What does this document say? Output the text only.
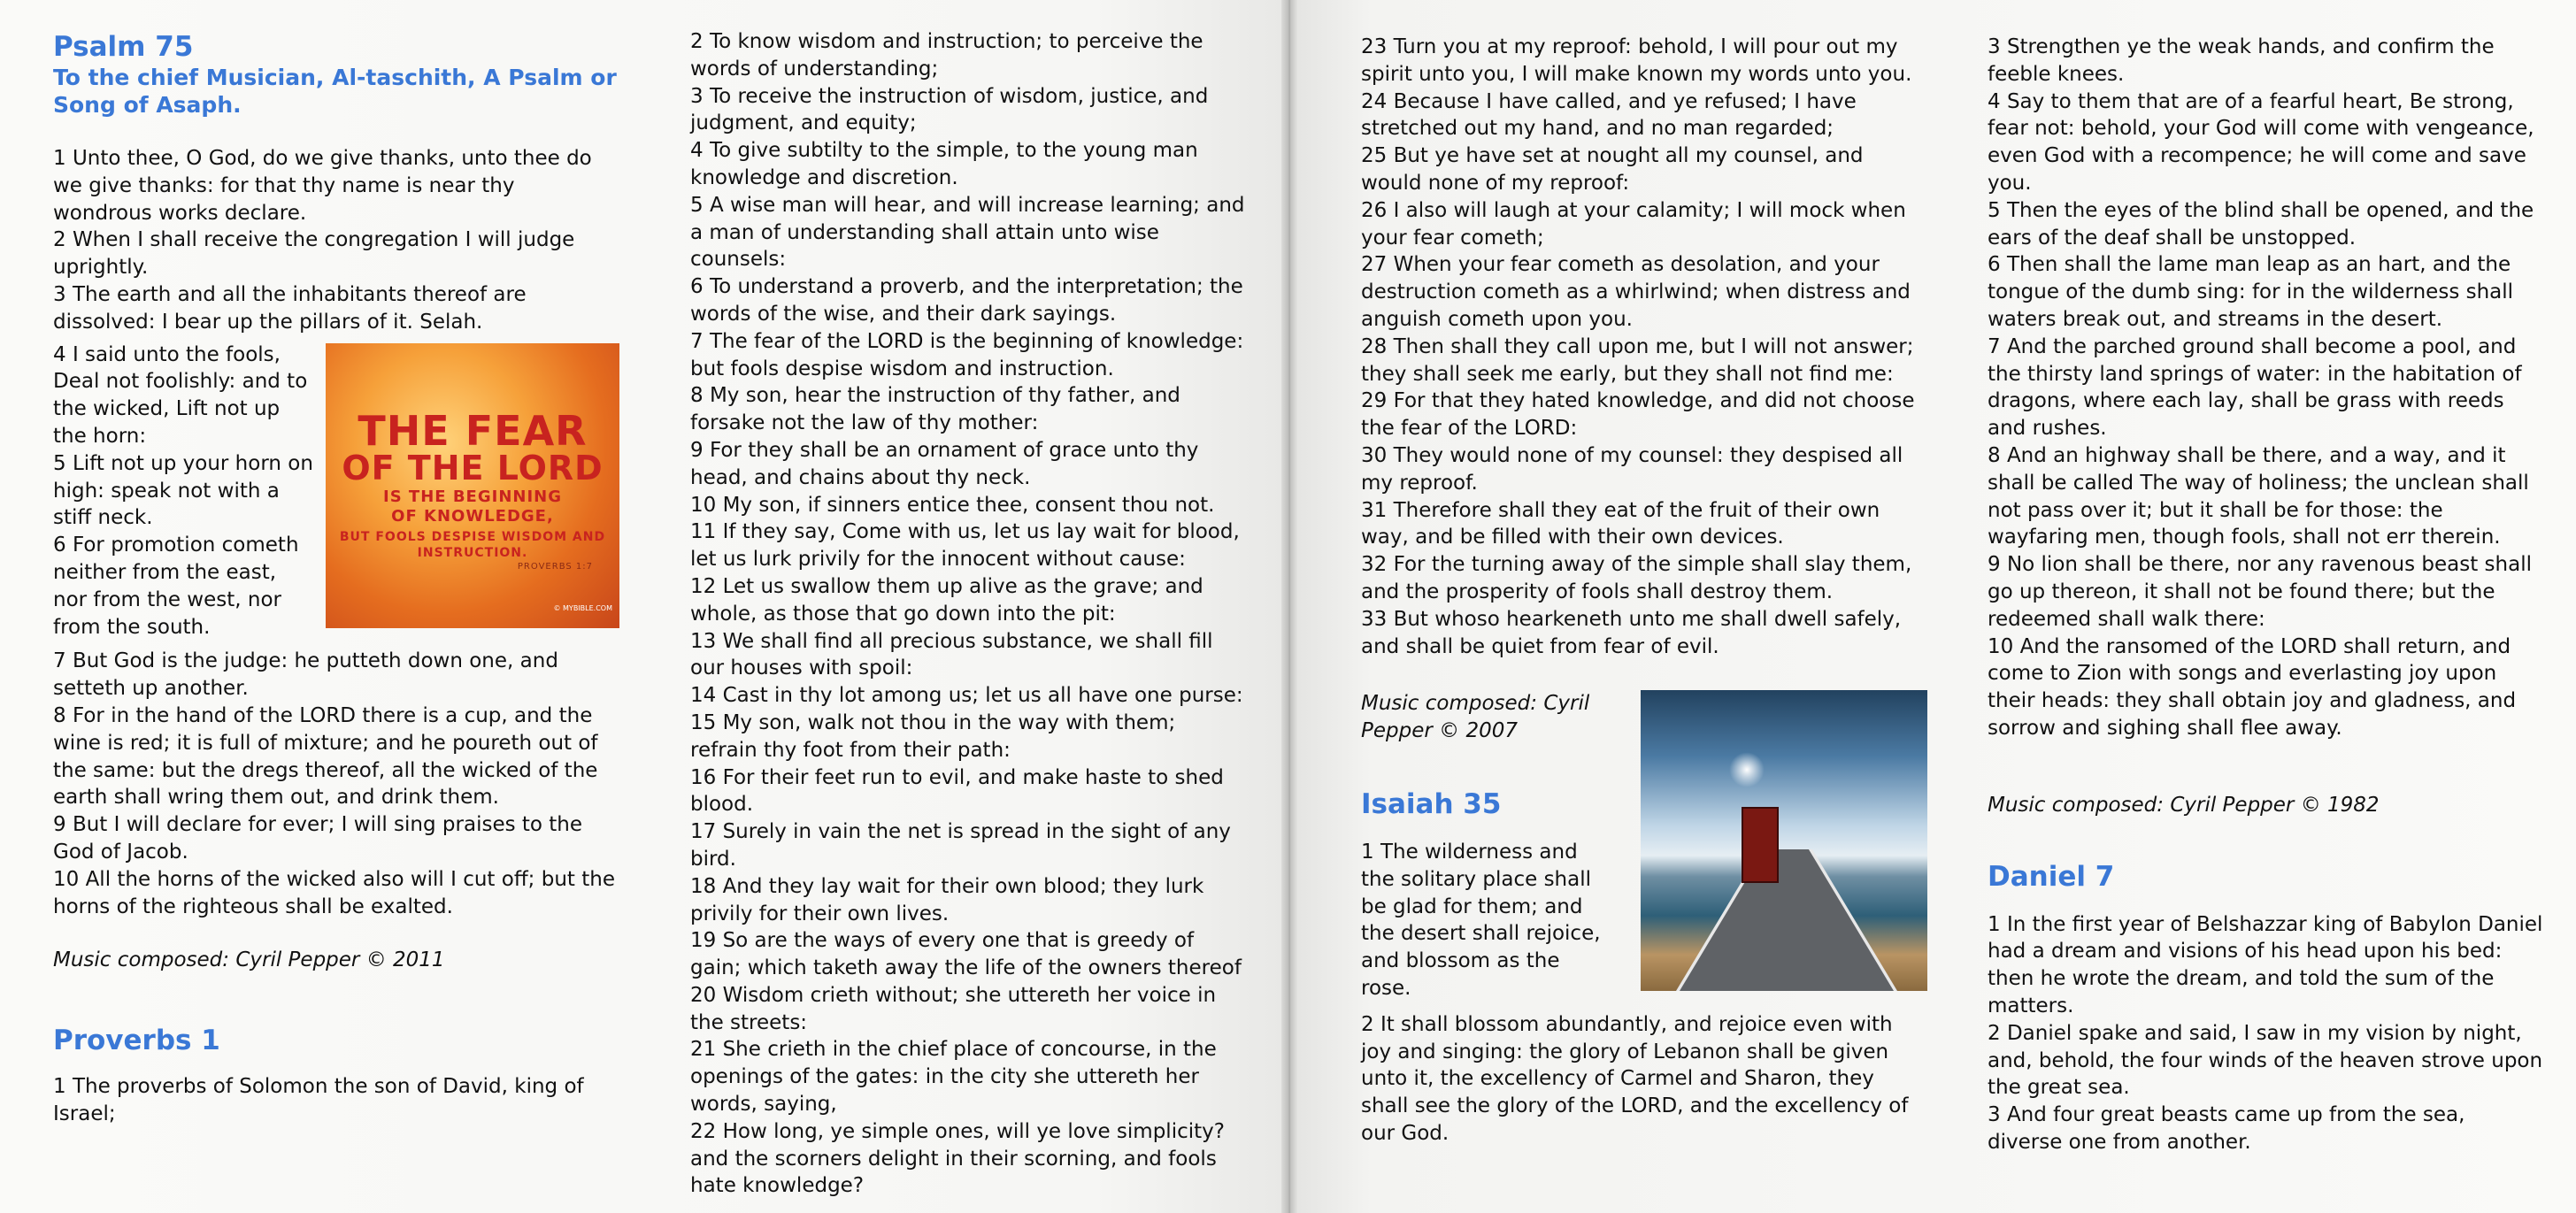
Psalm 75

To the chief Musician, Al-taschith, A Psalm or Song of Asaph.

1 Unto thee, O God, do we give thanks, unto thee do we give thanks: for that thy name is near thy wondrous works declare.

2 When I shall receive the congregation I will judge uprightly.

3 The earth and all the inhabitants thereof are dissolved: I bear up the pillars of it. Selah.

4 I said unto the fools, Deal not foolishly: and to the wicked, Lift not up the horn:

5 Lift not up your horn on high: speak not with a stiff neck.

6 For promotion cometh neither from the east, nor from the west, nor from the south.

THE FEAR
OF THE LORD
IS THE BEGINNING
OF KNOWLEDGE,
BUT FOOLS DESPISE WISDOM AND INSTRUCTION.
PROVERBS 1:7
© MYBIBLE.COM

7 But God is the judge: he putteth down one, and setteth up another.

8 For in the hand of the LORD there is a cup, and the wine is red; it is full of mixture; and he poureth out of the same: but the dregs thereof, all the wicked of the earth shall wring them out, and drink them.

9 But I will declare for ever; I will sing praises to the God of Jacob.

10 All the horns of the wicked also will I cut off; but the horns of the righteous shall be exalted.

Music composed: Cyril Pepper © 2011

Proverbs 1

1 The proverbs of Solomon the son of David, king of Israel;

2 To know wisdom and instruction; to perceive the words of understanding;

3 To receive the instruction of wisdom, justice, and judgment, and equity;

4 To give subtilty to the simple, to the young man knowledge and discretion.

5 A wise man will hear, and will increase learning; and a man of understanding shall attain unto wise counsels:

6 To understand a proverb, and the interpretation; the words of the wise, and their dark sayings.

7 The fear of the LORD is the beginning of knowledge: but fools despise wisdom and instruction.

8 My son, hear the instruction of thy father, and forsake not the law of thy mother:

9 For they shall be an ornament of grace unto thy head, and chains about thy neck.

10 My son, if sinners entice thee, consent thou not.

11 If they say, Come with us, let us lay wait for blood, let us lurk privily for the innocent without cause:

12 Let us swallow them up alive as the grave; and whole, as those that go down into the pit:

13 We shall find all precious substance, we shall fill our houses with spoil:

14 Cast in thy lot among us; let us all have one purse:

15 My son, walk not thou in the way with them; refrain thy foot from their path:

16 For their feet run to evil, and make haste to shed blood.

17 Surely in vain the net is spread in the sight of any bird.

18 And they lay wait for their own blood; they lurk privily for their own lives.

19 So are the ways of every one that is greedy of gain; which taketh away the life of the owners thereof

20 Wisdom crieth without; she uttereth her voice in the streets:

21 She crieth in the chief place of concourse, in the openings of the gates: in the city she uttereth her words, saying,

22 How long, ye simple ones, will ye love simplicity? and the scorners delight in their scorning, and fools hate knowledge?

23 Turn you at my reproof: behold, I will pour out my spirit unto you, I will make known my words unto you.

24 Because I have called, and ye refused; I have stretched out my hand, and no man regarded;

25 But ye have set at nought all my counsel, and would none of my reproof:

26 I also will laugh at your calamity; I will mock when your fear cometh;

27 When your fear cometh as desolation, and your destruction cometh as a whirlwind; when distress and anguish cometh upon you.

28 Then shall they call upon me, but I will not answer; they shall seek me early, but they shall not find me:

29 For that they hated knowledge, and did not choose the fear of the LORD:

30 They would none of my counsel: they despised all my reproof.

31 Therefore shall they eat of the fruit of their own way, and be filled with their own devices.

32 For the turning away of the simple shall slay them, and the prosperity of fools shall destroy them.

33 But whoso hearkeneth unto me shall dwell safely, and shall be quiet from fear of evil.

Music composed: Cyril Pepper © 2007

Isaiah 35

1 The wilderness and the solitary place shall be glad for them; and the desert shall rejoice, and blossom as the rose.

2 It shall blossom abundantly, and rejoice even with joy and singing: the glory of Lebanon shall be given unto it, the excellency of Carmel and Sharon, they shall see the glory of the LORD, and the excellency of our God.

3 Strengthen ye the weak hands, and confirm the feeble knees.

4 Say to them that are of a fearful heart, Be strong, fear not: behold, your God will come with vengeance, even God with a recompence; he will come and save you.

5 Then the eyes of the blind shall be opened, and the ears of the deaf shall be unstopped.

6 Then shall the lame man leap as an hart, and the tongue of the dumb sing: for in the wilderness shall waters break out, and streams in the desert.

7 And the parched ground shall become a pool, and the thirsty land springs of water: in the habitation of dragons, where each lay, shall be grass with reeds and rushes.

8 And an highway shall be there, and a way, and it shall be called The way of holiness; the unclean shall not pass over it; but it shall be for those: the wayfaring men, though fools, shall not err therein.

9 No lion shall be there, nor any ravenous beast shall go up thereon, it shall not be found there; but the redeemed shall walk there:

10 And the ransomed of the LORD shall return, and come to Zion with songs and everlasting joy upon their heads: they shall obtain joy and gladness, and sorrow and sighing shall flee away.

Music composed: Cyril Pepper © 1982

Daniel 7

1 In the first year of Belshazzar king of Babylon Daniel had a dream and visions of his head upon his bed: then he wrote the dream, and told the sum of the matters.

2 Daniel spake and said, I saw in my vision by night, and, behold, the four winds of the heaven strove upon the great sea.

3 And four great beasts came up from the sea, diverse one from another.
